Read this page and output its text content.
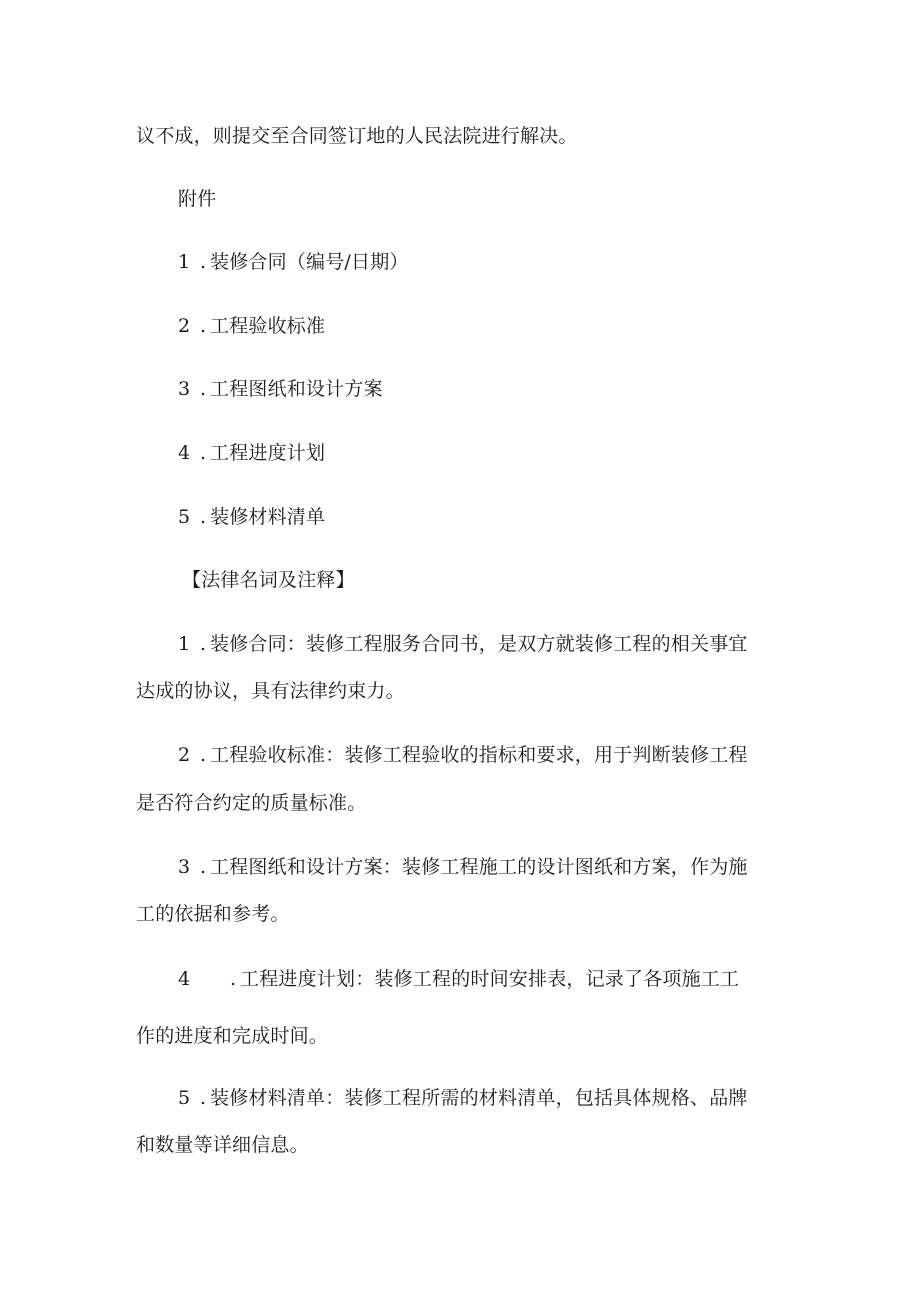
议不成，则提交至合同签订地的人民法院进行解决。
附件
1 . 装修合同（编号/日期）
2 . 工程验收标准
3 . 工程图纸和设计方案
4 . 工程进度计划
5 . 装修材料清单
【法律名词及注释】
1 . 装修合同：装修工程服务合同书，是双方就装修工程的相关事宜
达成的协议，具有法律约束力。
2 . 工程验收标准：装修工程验收的指标和要求，用于判断装修工程
是否符合约定的质量标准。
3 . 工程图纸和设计方案：装修工程施工的设计图纸和方案，作为施
工的依据和参考。
4 . 工程进度计划：装修工程的时间安排表，记录了各项施工工
作的进度和完成时间。
5 . 装修材料清单：装修工程所需的材料清单，包括具体规格、品牌
和数量等详细信息。
